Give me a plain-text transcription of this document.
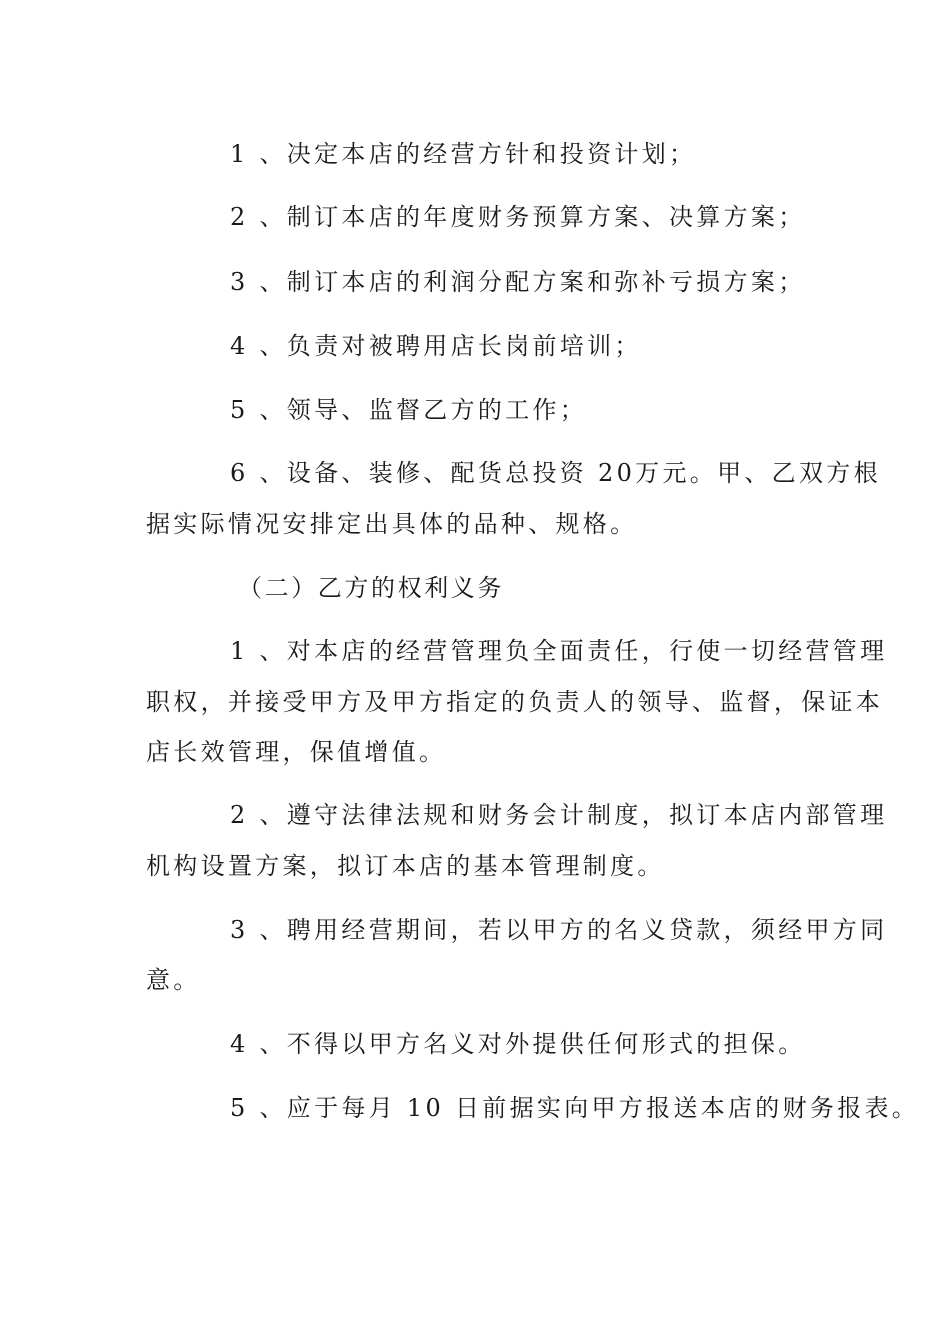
1 、决定本店的经营方针和投资计划；
2 、制订本店的年度财务预算方案、决算方案；
3 、制订本店的利润分配方案和弥补亏损方案；
4 、负责对被聘用店长岗前培训；
5 、领导、监督乙方的工作；
6 、设备、装修、配货总投资 20万元。甲、乙双方根
据实际情况安排定出具体的品种、规格。
（二）乙方的权利义务
1 、对本店的经营管理负全面责任，行使一切经营管理
职权，并接受甲方及甲方指定的负责人的领导、监督，保证本
店长效管理，保值增值。
2 、遵守法律法规和财务会计制度，拟订本店内部管理
机构设置方案，拟订本店的基本管理制度。
3 、聘用经营期间，若以甲方的名义贷款，须经甲方同
意。
4 、不得以甲方名义对外提供任何形式的担保。
5 、应于每月 10 日前据实向甲方报送本店的财务报表。
